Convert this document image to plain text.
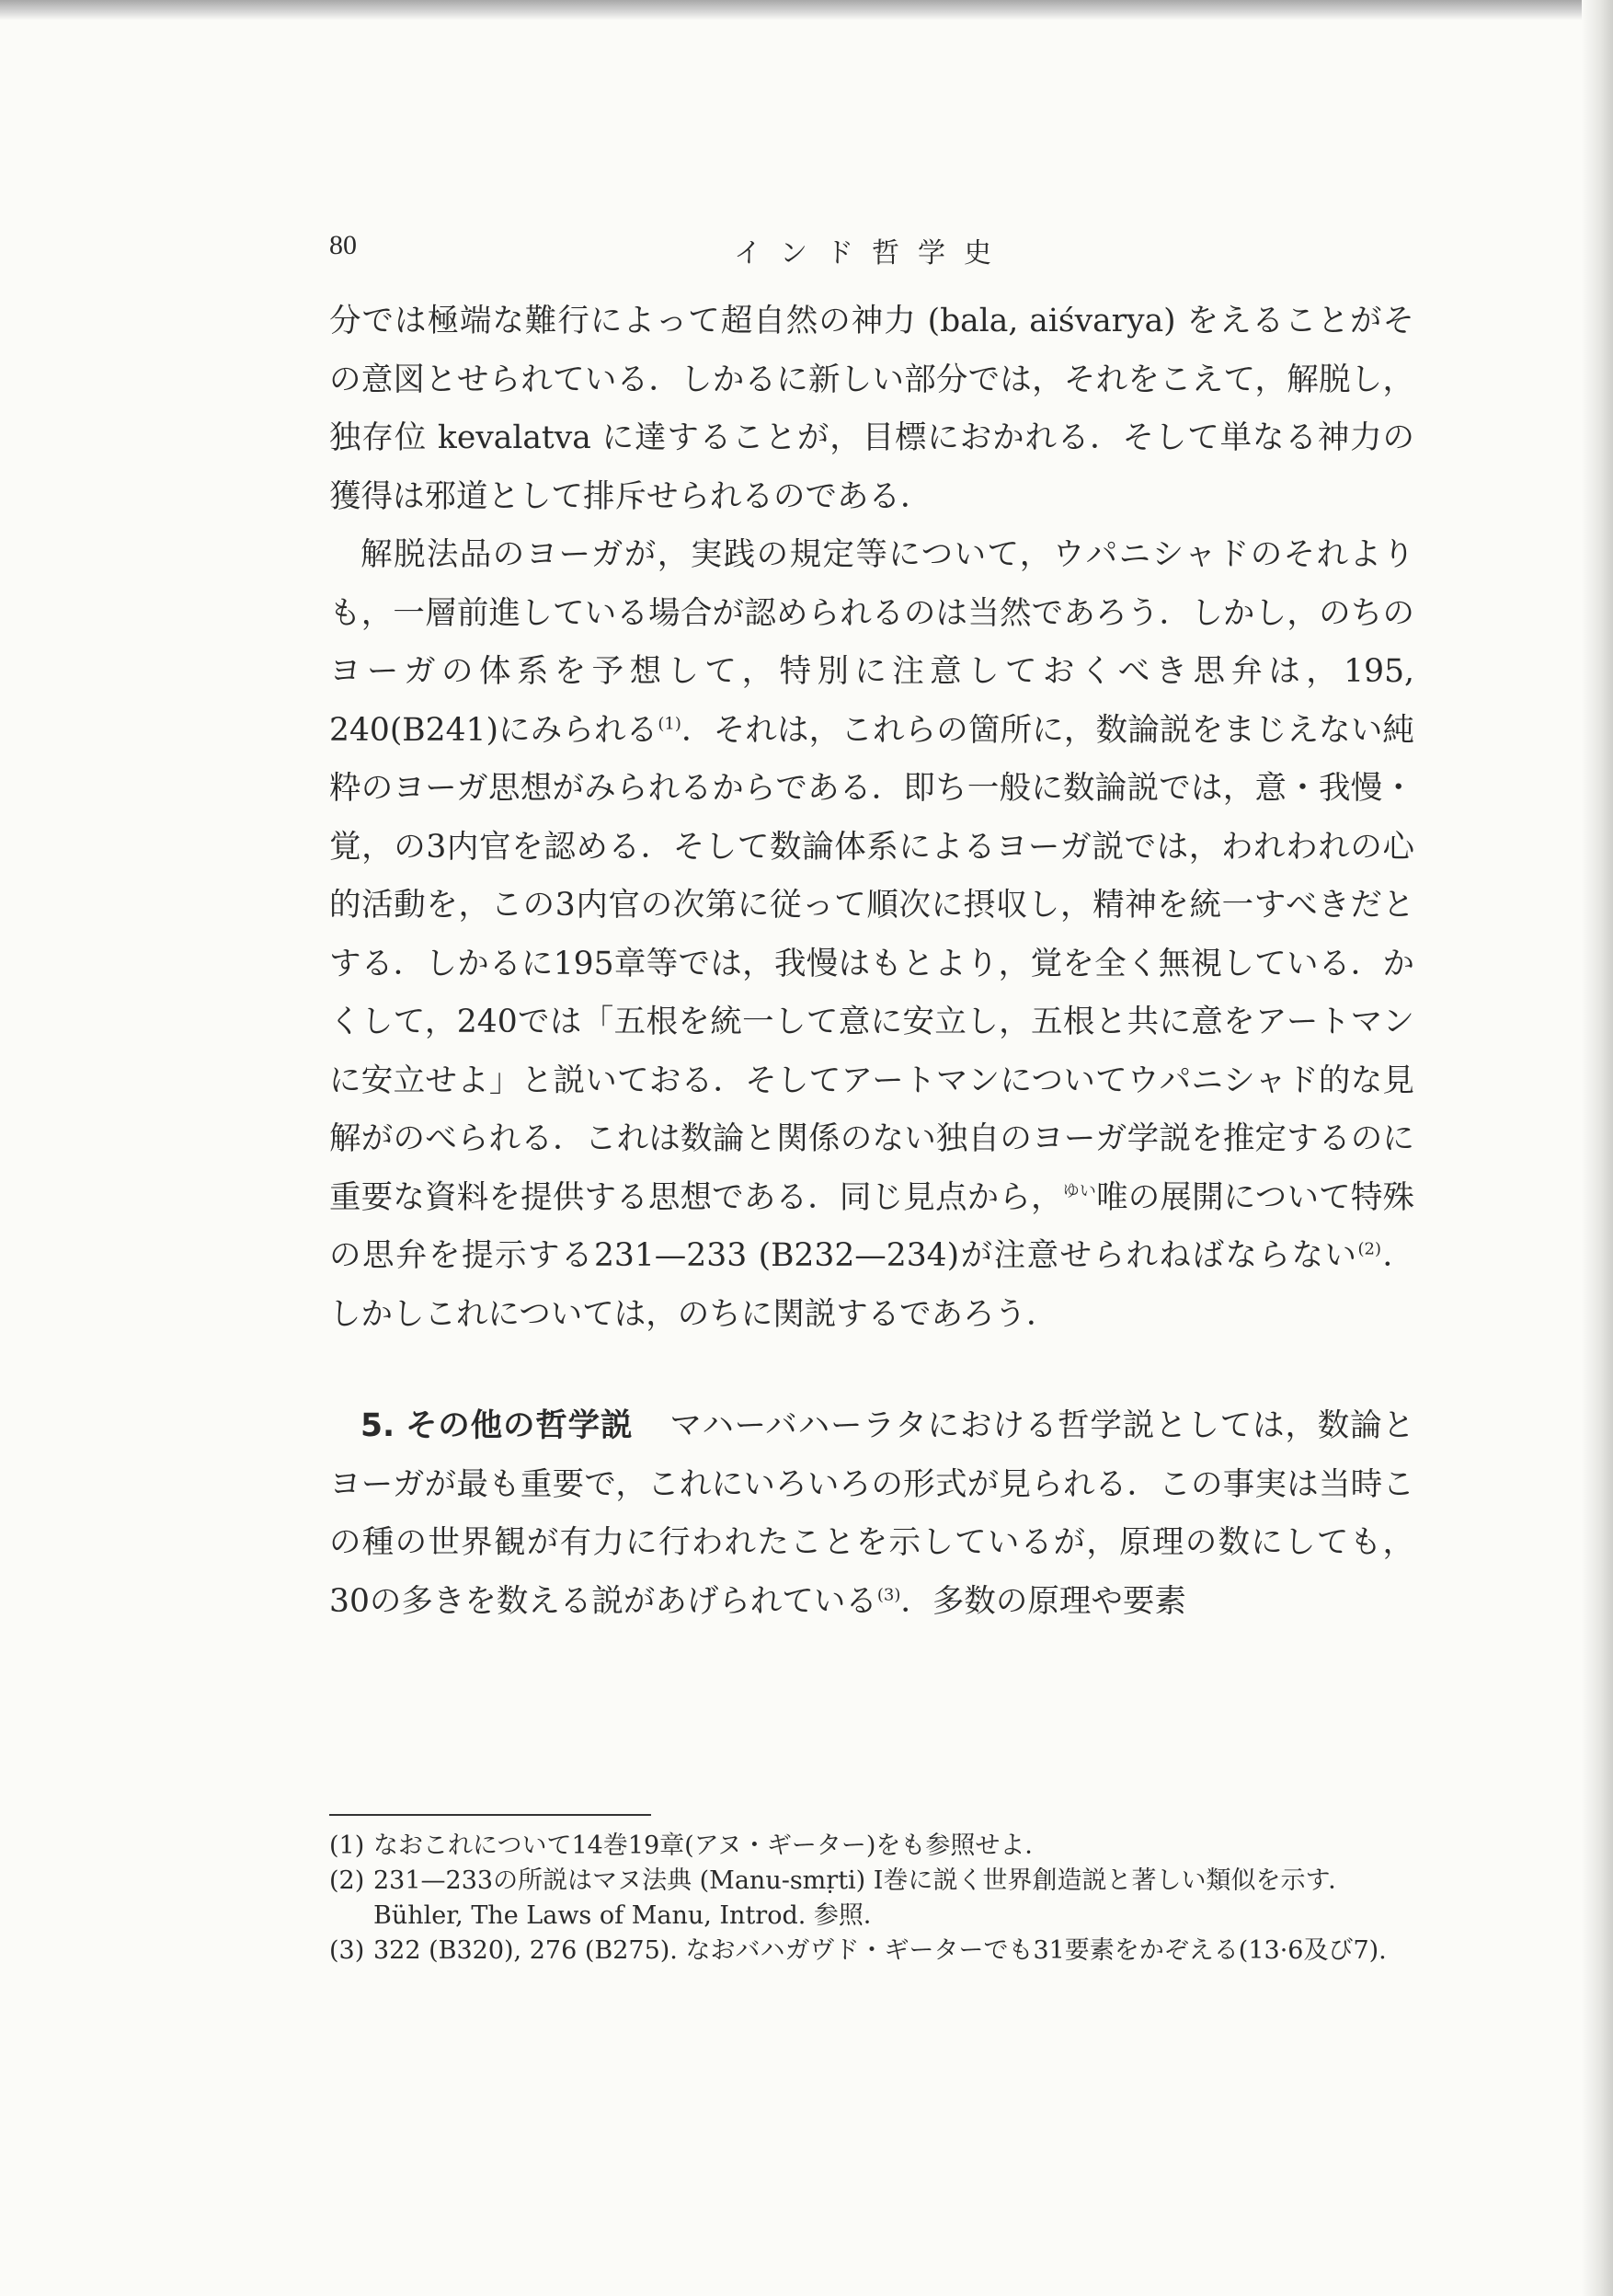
80	インド哲学史

分では極端な難行によって超自然の神力 (bala, aiśvarya) をえることがその意図とせられている．しかるに新しい部分では，それをこえて，解脱し，独存位 kevalatva に達することが，目標におかれる．そして単なる神力の獲得は邪道として排斥せられるのである．

解脱法品のヨーガが，実践の規定等について，ウパニシャドのそれよりも，一層前進している場合が認められるのは当然であろう．しかし，のちのヨーガの体系を予想して，特別に注意しておくべき思弁は，195, 240(B241)にみられる$^{(1)}$．それは，これらの箇所に，数論説をまじえない純粋のヨーガ思想がみられるからである．即ち一般に数論説では，意・我慢・覚，の3内官を認める．そして数論体系によるヨーガ説では，われわれの心的活動を，この3内官の次第に従って順次に摂収し，精神を統一すべきだとする．しかるに195章等では，我慢はもとより，覚を全く無視している．かくして，240では「五根を統一して意に安立し，五根と共に意をアートマンに安立せよ」と説いておる．そしてアートマンについてウパニシャド的な見解がのべられる．これは数論と関係のない独自のヨーガ学説を推定するのに重要な資料を提供する思想である．同じ見点から，$^{ゆい}$唯の展開について特殊の思弁を提示する231—233 (B232—234)が注意せられねばならない$^{(2)}$．しかしこれについては，のちに関説するであろう．

5. その他の哲学説 マハーバハーラタにおける哲学説としては，数論とヨーガが最も重要で，これにいろいろの形式が見られる．この事実は当時この種の世界観が有力に行われたことを示しているが，原理の数にしても，30の多きを数える説があげられている$^{(3)}$．多数の原理や要素

(1) なおこれについて14巻19章(アヌ・ギーター)をも参照せよ．

(2) 231—233の所説はマヌ法典 (Manu-smṛti) I巻に説く世界創造説と著しい類似を示す．Bühler, The Laws of Manu, Introd. 参照．

(3) 322 (B320), 276 (B275). なおバハガヴド・ギーターでも31要素をかぞえる(13·6及び7).
